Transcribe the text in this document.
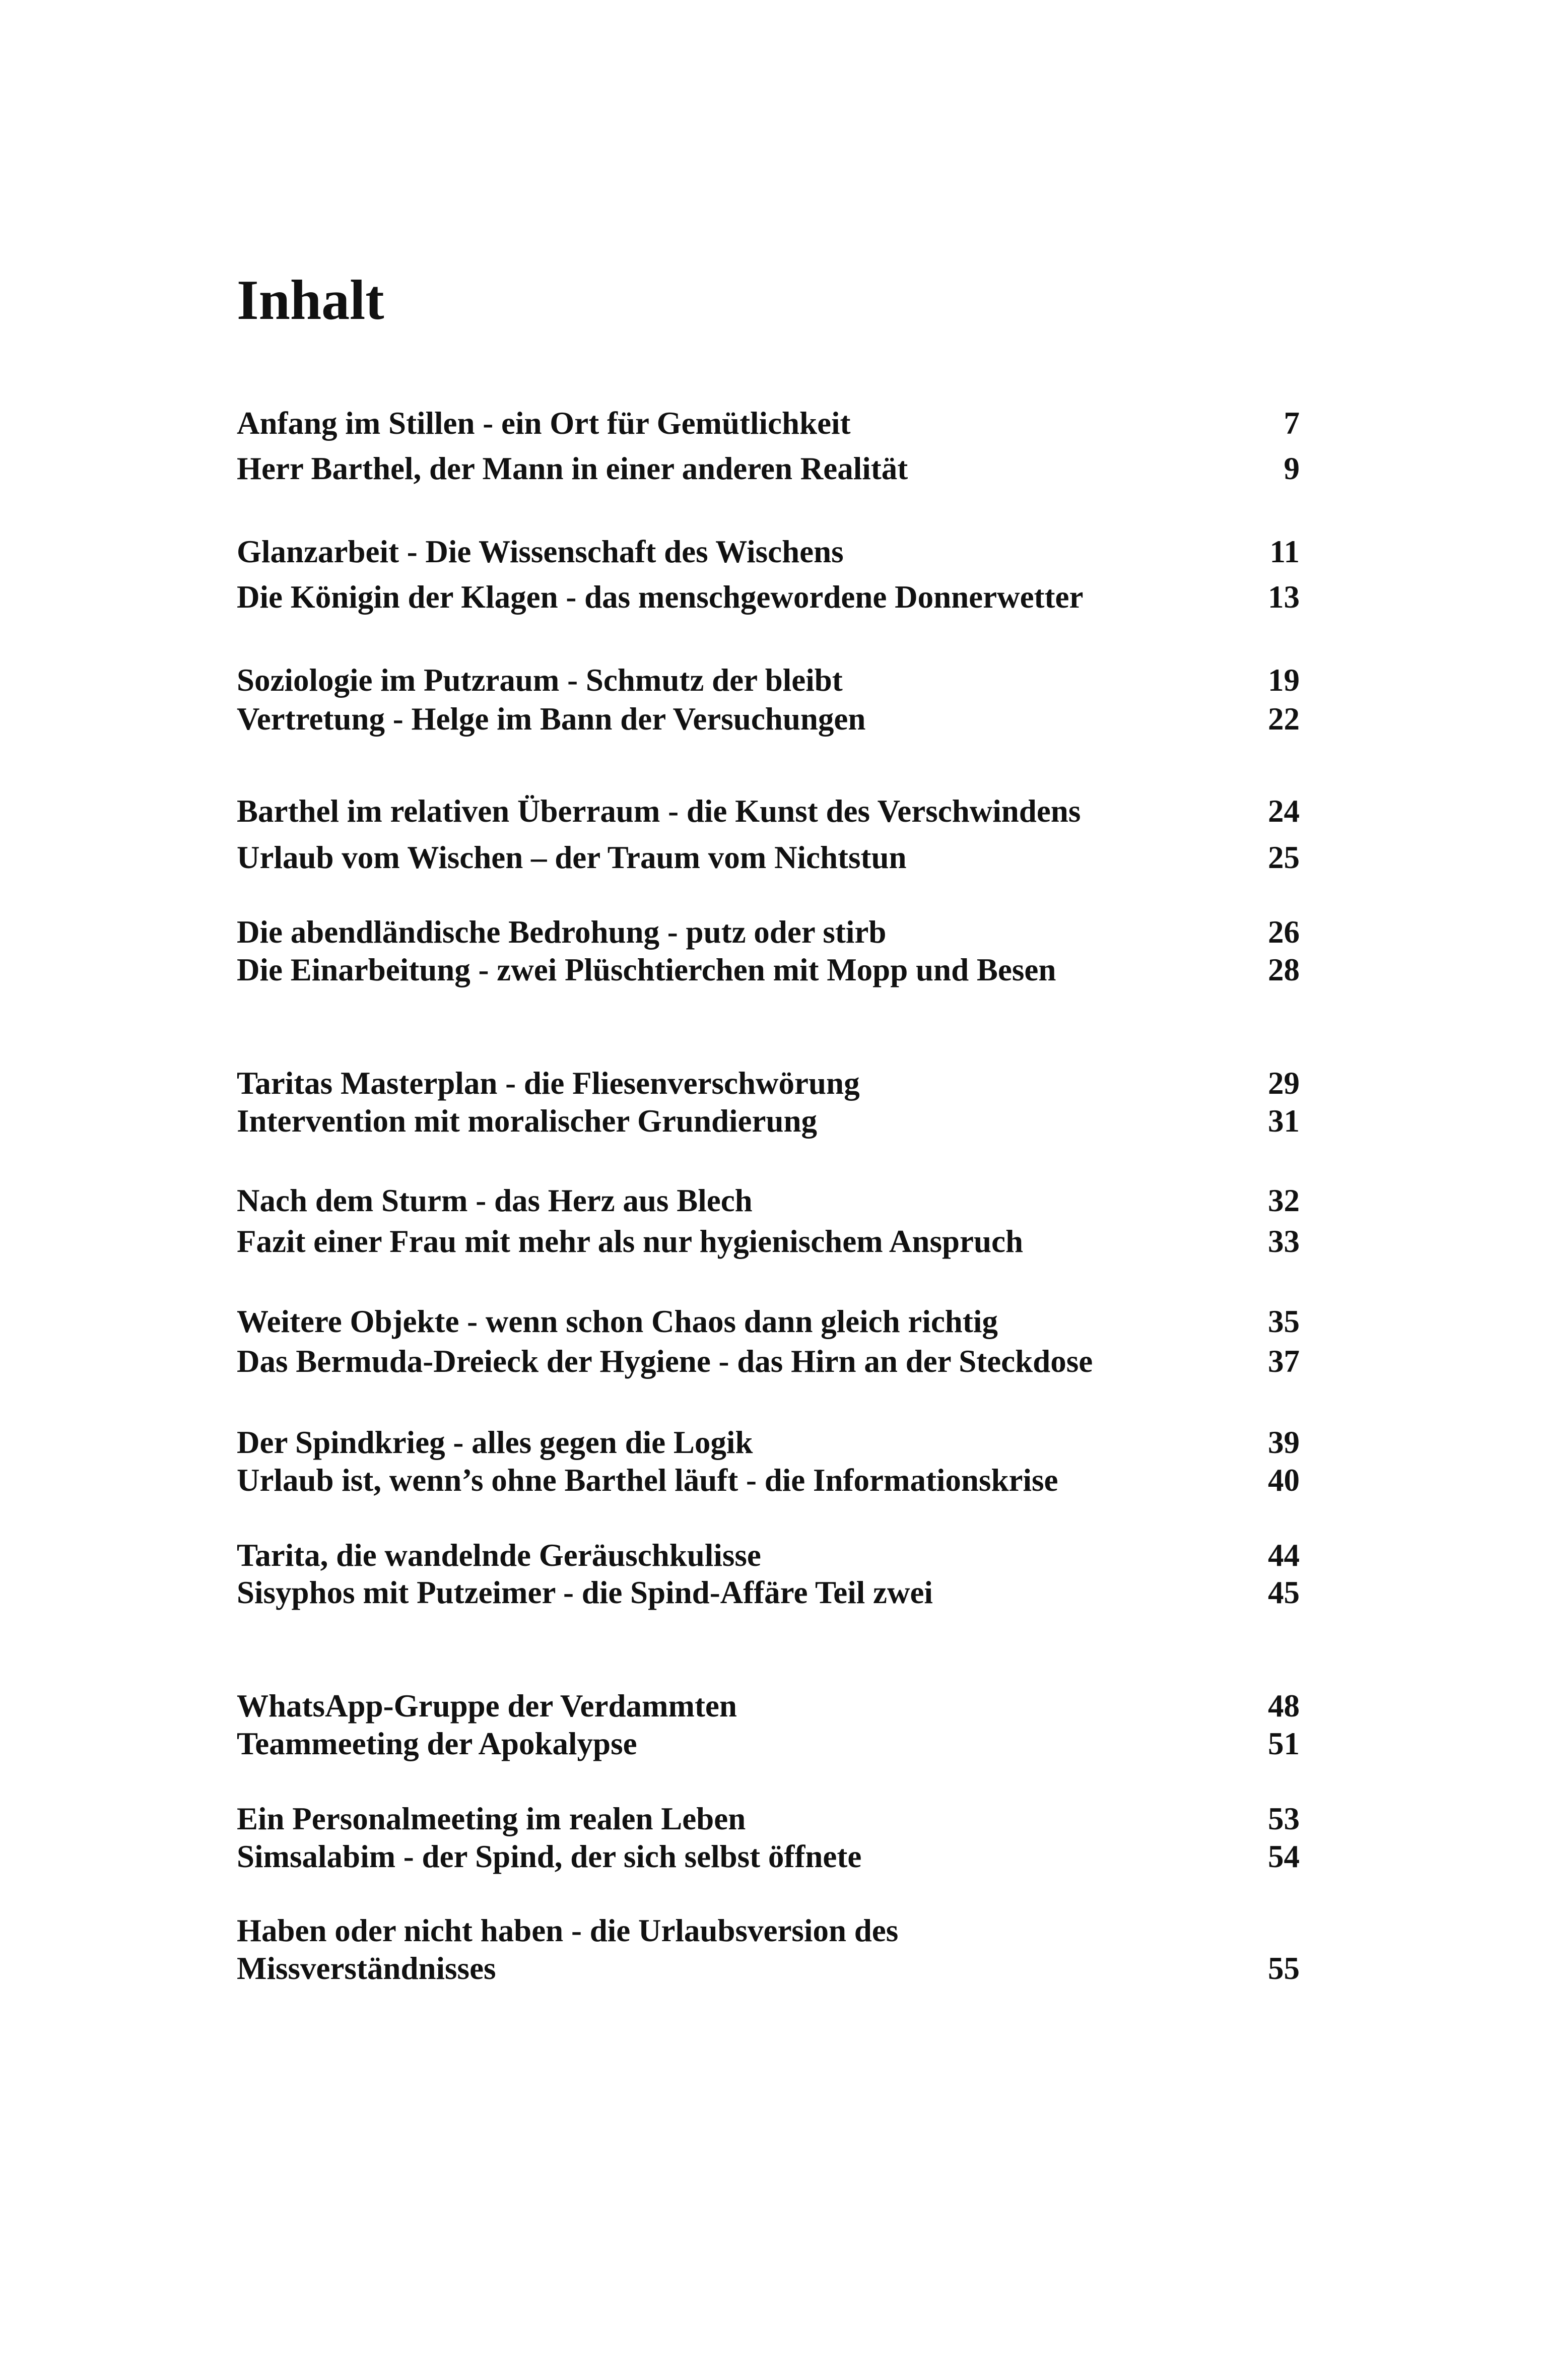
Inhalt
Anfang im Stillen - ein Ort für Gemütlichkeit	7
Herr Barthel, der Mann in einer anderen Realität	9
Glanzarbeit - Die Wissenschaft des Wischens	11
Die Königin der Klagen - das menschgewordene Donnerwetter	13
Soziologie im Putzraum - Schmutz der bleibt	19
Vertretung - Helge im Bann der Versuchungen	22
Barthel im relativen Überraum - die Kunst des Verschwindens	24
Urlaub vom Wischen – der Traum vom Nichtstun	25
Die abendländische Bedrohung - putz oder stirb	26
Die Einarbeitung - zwei Plüschtierchen mit Mopp und Besen	28
Taritas Masterplan - die Fliesenverschwörung	29
Intervention mit moralischer Grundierung	31
Nach dem Sturm - das Herz aus Blech	32
Fazit einer Frau mit mehr als nur hygienischem Anspruch	33
Weitere Objekte - wenn schon Chaos dann gleich richtig	35
Das Bermuda-Dreieck der Hygiene - das Hirn an der Steckdose	37
Der Spindkrieg - alles gegen die Logik	39
Urlaub ist, wenn’s ohne Barthel läuft - die Informationskrise	40
Tarita, die wandelnde Geräuschkulisse	44
Sisyphos mit Putzeimer - die Spind-Affäre Teil zwei	45
WhatsApp-Gruppe der Verdammten	48
Teammeeting der Apokalypse	51
Ein Personalmeeting im realen Leben	53
Simsalabim - der Spind, der sich selbst öffnete	54
Haben oder nicht haben - die Urlaubsversion des Missverständnisses	55
